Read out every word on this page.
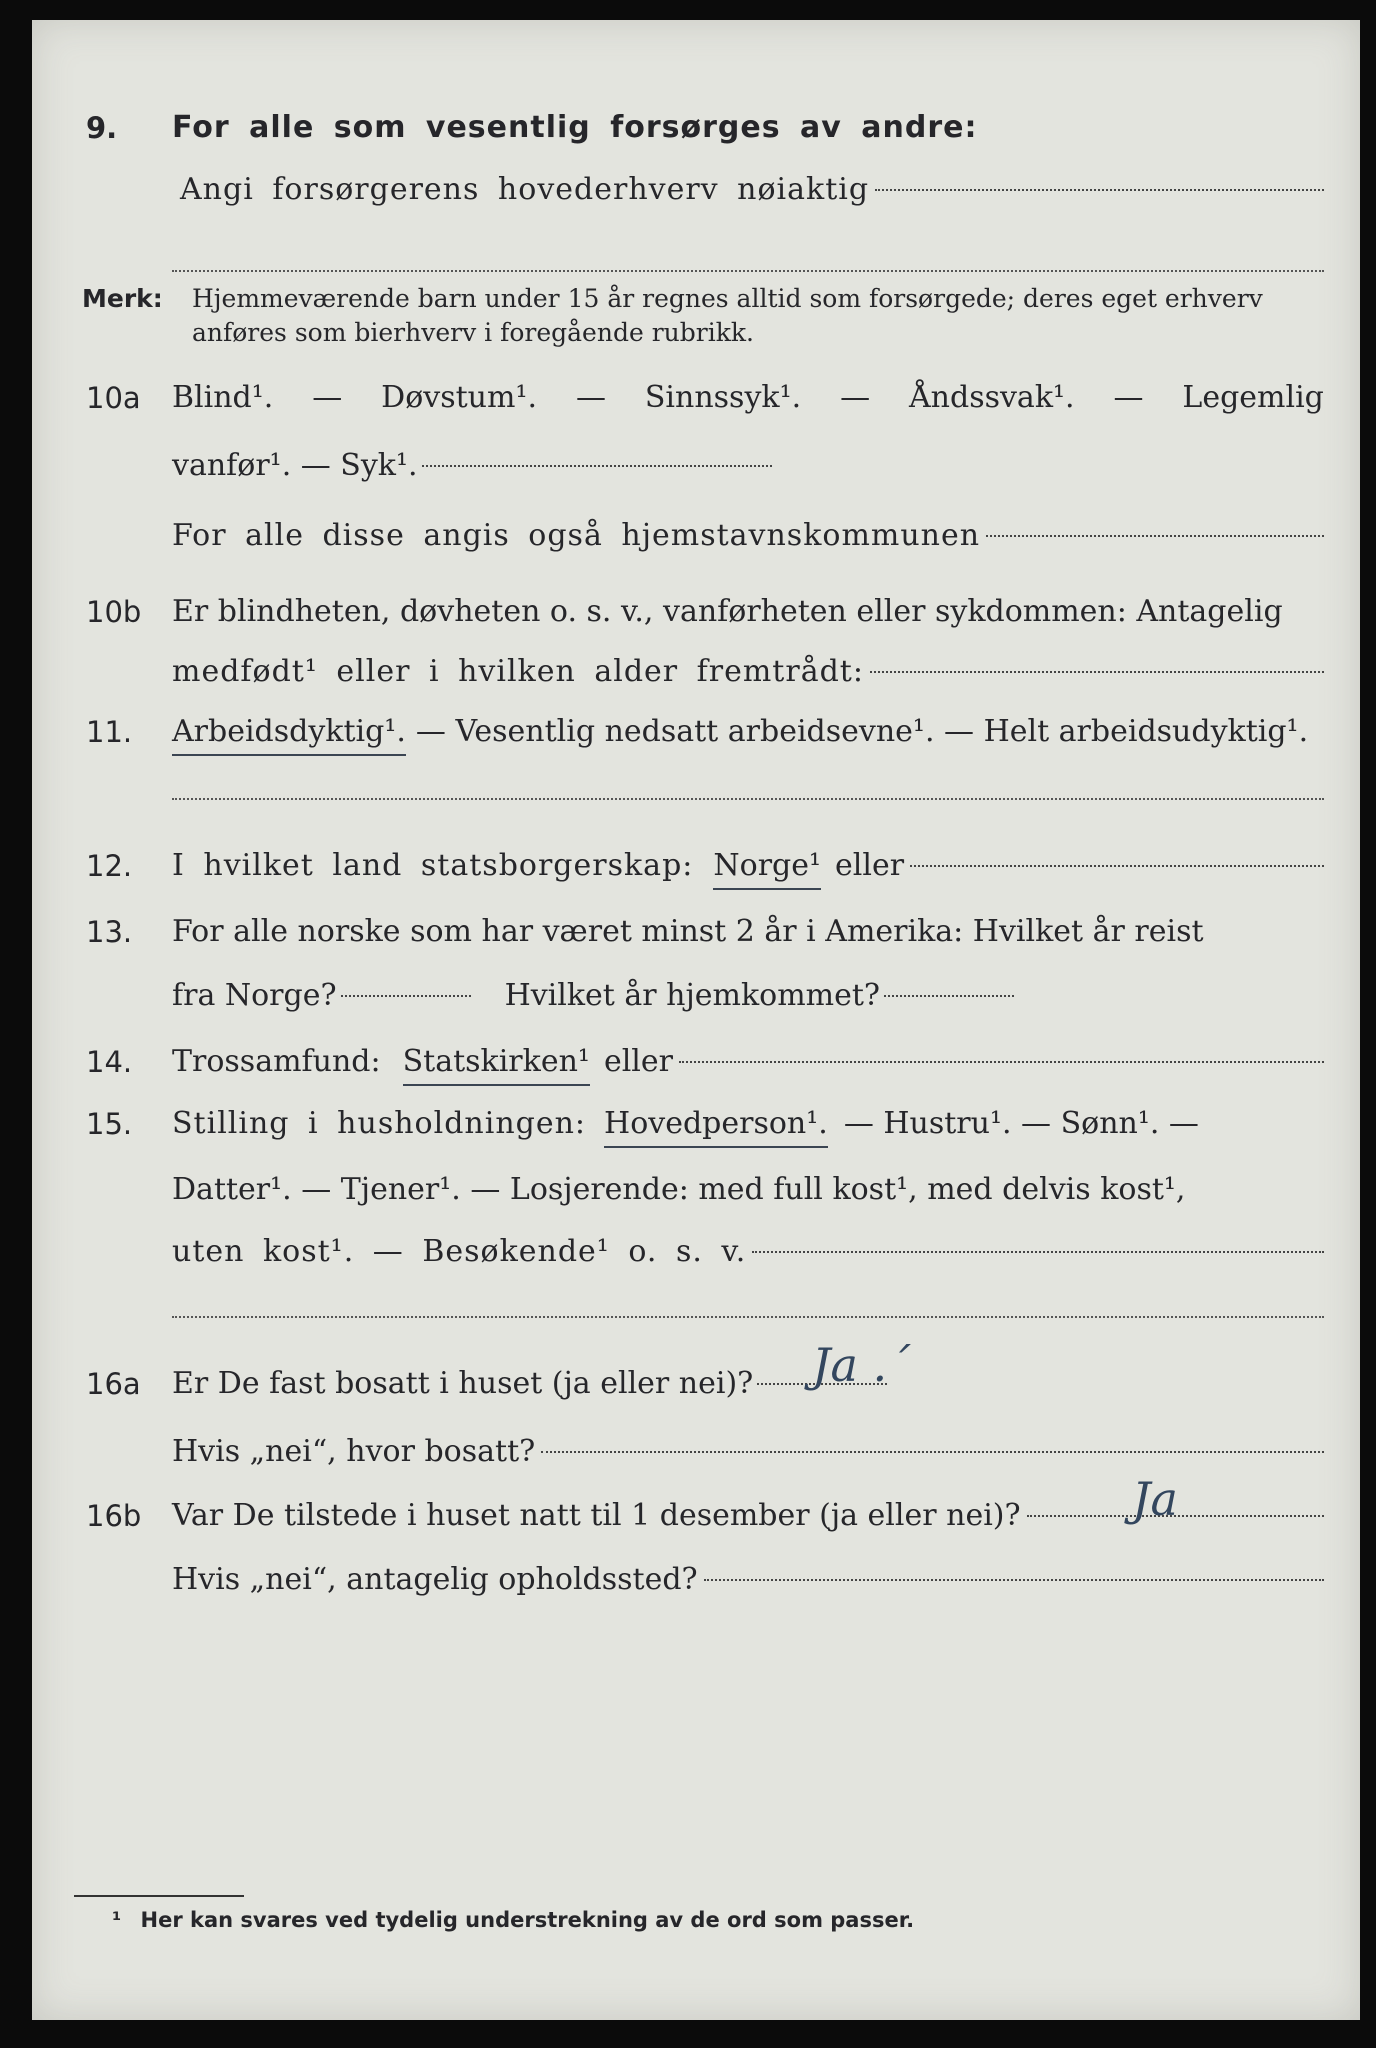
9. For alle som vesentlig forsørges av andre:
Angi forsørgerens hovederhverv nøiaktig
Merk: Hjemmeværende barn under 15 år regnes alltid som forsørgede; deres eget erhverv anføres som bierhverv i foregående rubrikk.
10a Blind¹. — Døvstum¹. — Sinnssyk¹. — Åndssvak¹. — Legemlig
vanfør¹. — Syk¹.
For alle disse angis også hjemstavnskommunen
10b Er blindheten, døvheten o. s. v., vanførheten eller sykdommen: Antagelig
medfødt¹ eller i hvilken alder fremtrådt:
11. Arbeidsdyktig¹. — Vesentlig nedsatt arbeidsevne¹. — Helt arbeidsudyktig¹.
12. I hvilket land statsborgerskap: Norge¹ eller
13. For alle norske som har været minst 2 år i Amerika: Hvilket år reist
fra Norge?	Hvilket år hjemkommet?
14. Trossamfund: Statskirken¹ eller
15. Stilling i husholdningen: Hovedperson¹. — Hustru¹. — Sønn¹. —
Datter¹. — Tjener¹. — Losjerende: med full kost¹, med delvis kost¹,
uten kost¹. — Besøkende¹ o. s. v.
16a Er De fast bosatt i huset (ja eller nei)? Ja .´
Hvis „nei“, hvor bosatt?
16b Var De tilstede i huset natt til 1 desember (ja eller nei)? Ja
Hvis „nei“, antagelig opholdssted?
¹ Her kan svares ved tydelig understrekning av de ord som passer.
